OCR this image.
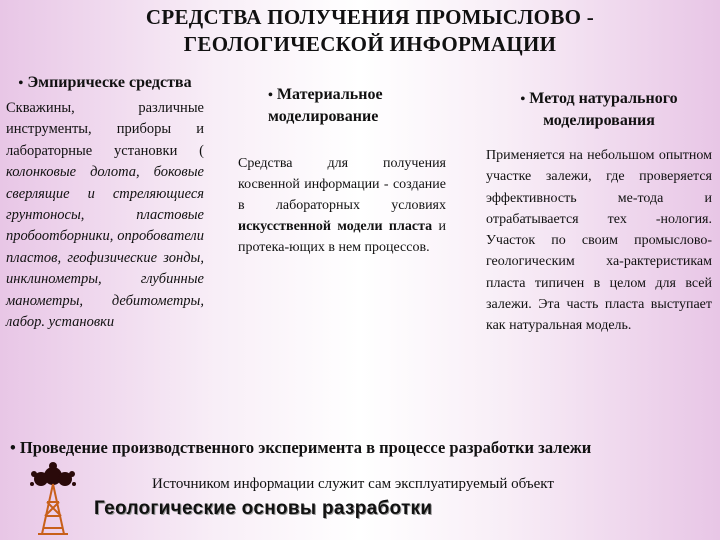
СРЕДСТВА ПОЛУЧЕНИЯ ПРОМЫСЛОВО -
ГЕОЛОГИЧЕСКОЙ ИНФОРМАЦИИ
• Эмпирическе средства
Скважины, различные инструменты, приборы и лабораторные установки ( колонковые долота, боковые сверлящие и стреляющиеся грунтоносы, пластовые пробоотборники, опробователи пластов, геофизические зонды, инклинометры, глубинные манометры, дебитометры, лабор. установки
• Материальное моделирование
Средства для получения косвенной информации - создание в лабораторных условиях искусственной модели пласта и протека-ющих в нем процессов.
• Метод натурального моделирования
Применяется на небольшом опытном участке залежи, где проверяется эффективность ме-тода и отрабатывается тех -нология. Участок по своим промыслово-геологическим ха-рактеристикам пласта типичен в целом для всей залежи. Эта часть пласта выступает как натуральная модель.
• Проведение производственного эксперимента в процессе разработки залежи
Источником информации служит сам эксплуатируемый объект
Геологические основы разработки
